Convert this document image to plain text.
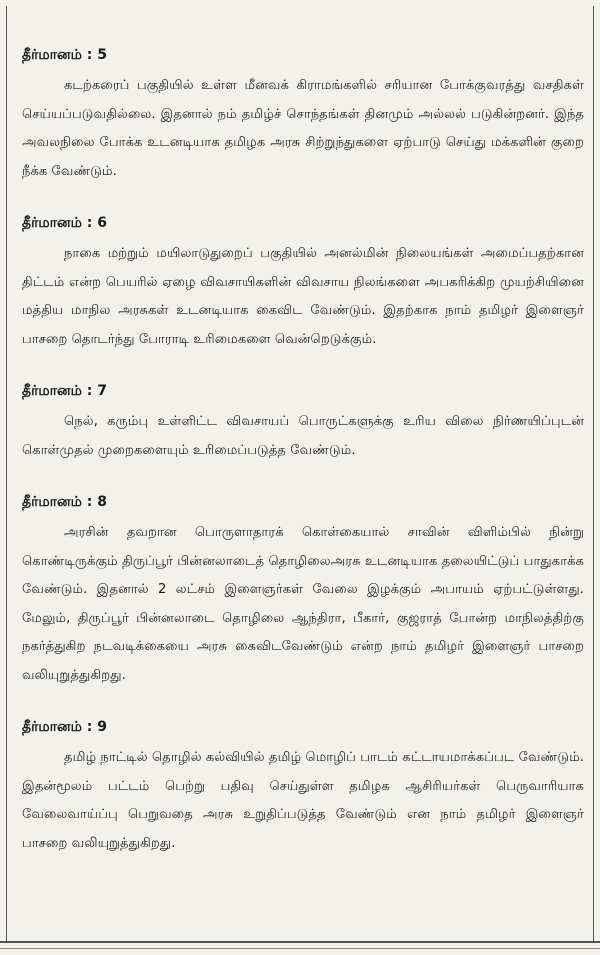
தீர்மானம் : 5

கடற்கரைப் பகுதியில் உள்ள மீனவக் கிராமங்களில் சரியான போக்குவரத்து வசதிகள் செய்யப்படுவதில்லை. இதனால் நம் தமிழ்ச் சொந்தங்கள் தினமும் அல்லல் படுகின்றனர். இந்த அவலநிலை போக்க உடனடியாக தமிழக அரசு சிற்றுந்துகளை ஏற்பாடு செய்து மக்களின் குறை நீக்க வேண்டும்.

தீர்மானம் : 6

நாகை மற்றும் மயிலாடுதுறைப் பகுதியில் அனல்மின் நிலையங்கள் அமைப்பதற்கான திட்டம் என்ற பெயரில் ஏழை விவசாயிகளின் விவசாய நிலங்களை அபகரிக்கிற முயற்சியினை மத்திய மாநில அரசுகள் உடனடியாக கைவிட வேண்டும். இதற்காக நாம் தமிழர் இளைஞர் பாசறை தொடர்ந்து போராடி உரிமைகளை வென்றெடுக்கும்.

தீர்மானம் : 7

நெல், கரும்பு உள்ளிட்ட விவசாயப் பொருட்களுக்கு உரிய விலை நிர்ணயிப்புடன் கொள்முதல் முறைகளையும் உரிமைப்படுத்த வேண்டும்.

தீர்மானம் : 8

அரசின் தவறான பொருளாதாரக் கொள்கையால் சாவின் விளிம்பில் நின்று கொண்டிருக்கும் திருப்பூர் பின்னலாடைத் தொழிலைஅரசு உடனடியாக தலையிட்டுப் பாதுகாக்க வேண்டும். இதனால் 2 லட்சம் இளைஞர்கள் வேலை இழக்கும் அபாயம் ஏற்பட்டுள்ளது. மேலும், திருப்பூர் பின்னலாடை தொழிலை ஆந்திரா, பீகார், குஜராத் போன்ற மாநிலத்திற்கு நகர்த்துகிற நடவடிக்கையை அரசு கைவிடவேண்டும் என்ற நாம் தமிழர் இளைஞர் பாசறை வலியுறுத்துகிறது.

தீர்மானம் : 9

தமிழ் நாட்டில் தொழில் கல்வியில் தமிழ் மொழிப் பாடம் கட்டாயமாக்கப்பட வேண்டும். இதன்மூலம் பட்டம் பெற்று பதிவு செய்துள்ள தமிழக ஆசிரியர்கள் பெருவாரியாக வேலைவாய்ப்பு பெறுவதை அரசு உறுதிப்படுத்த வேண்டும் என நாம் தமிழர் இளைஞர் பாசறை வலியுறுத்துகிறது.
